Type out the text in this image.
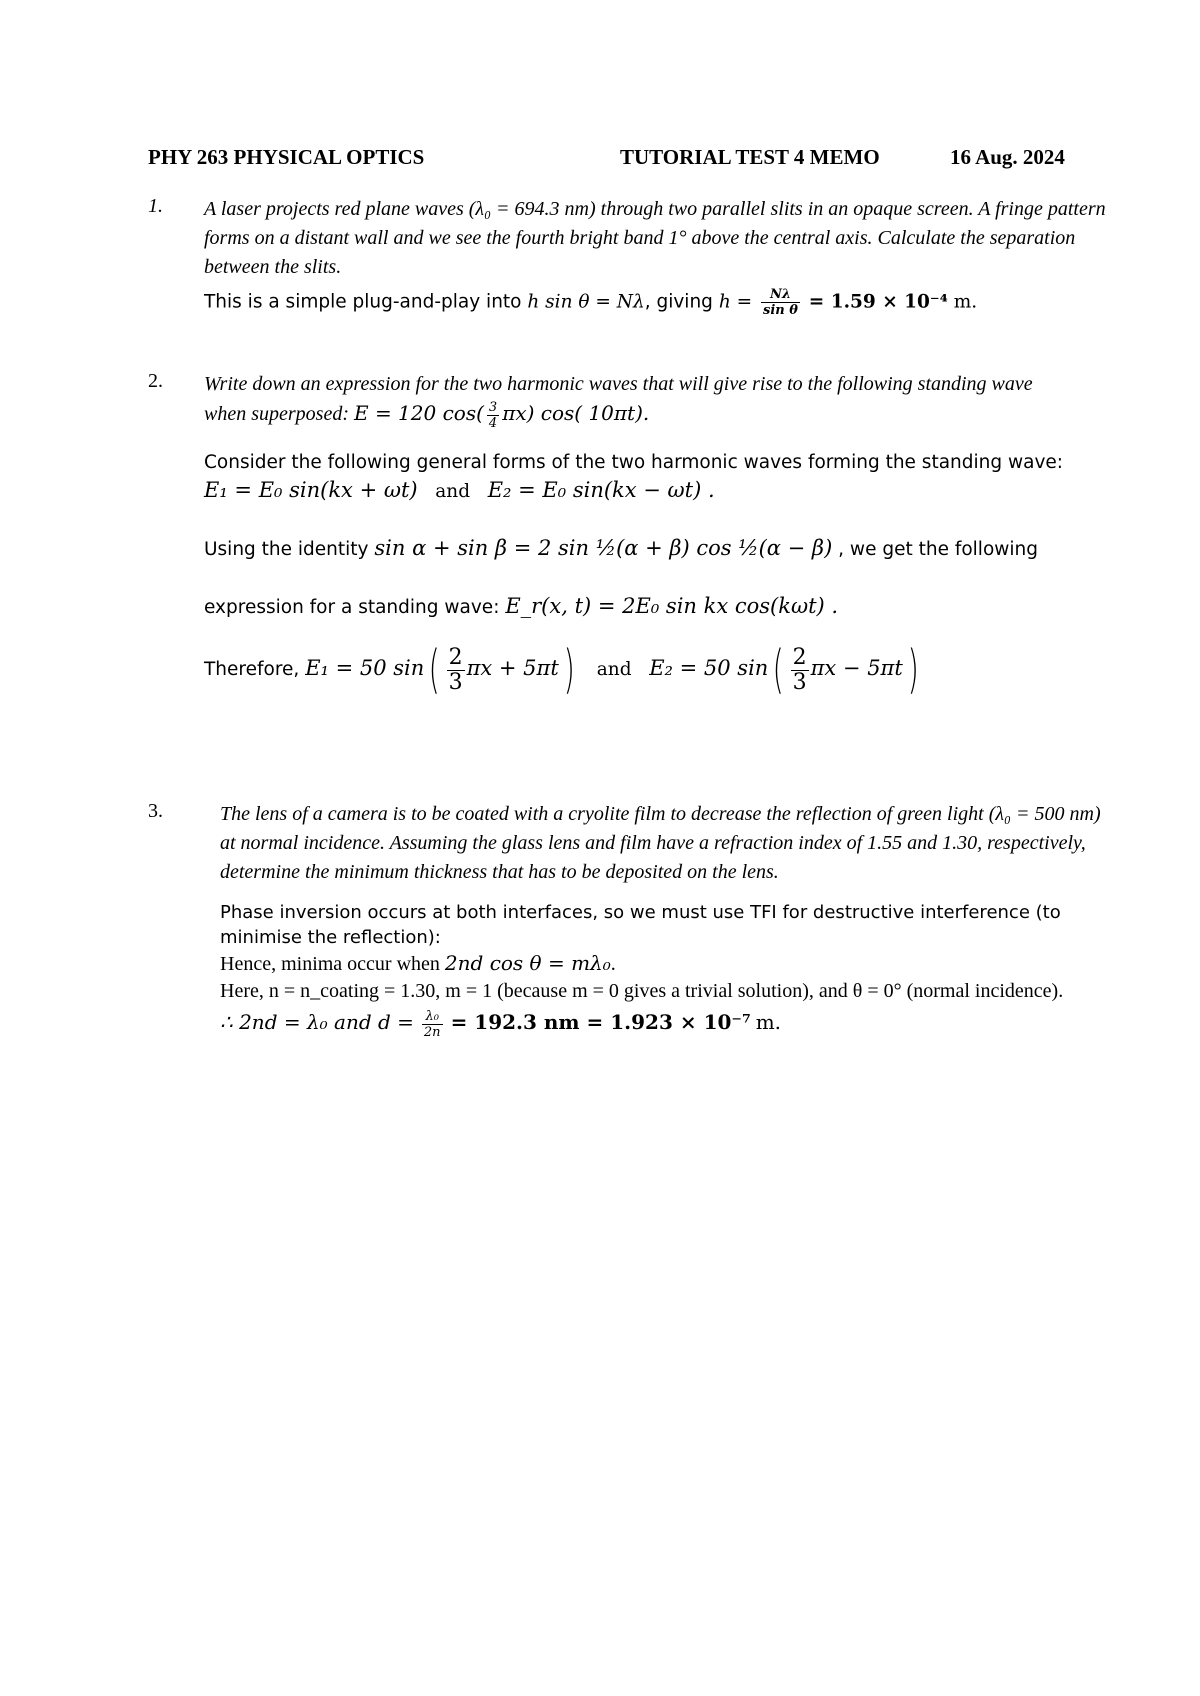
PHY 263 PHYSICAL OPTICS	TUTORIAL TEST 4 MEMO	16 Aug. 2024
1. A laser projects red plane waves (λ₀ = 694.3 nm) through two parallel slits in an opaque screen. A fringe pattern forms on a distant wall and we see the fourth bright band 1° above the central axis. Calculate the separation between the slits.
This is a simple plug-and-play into h sin θ = Nλ, giving $h = \frac{N\lambda}{\text{sin θ}} = 1.59 \times 10^{-4}$ m.
2. Write down an expression for the two harmonic waves that will give rise to the following standing wave
when superposed: E = 120 $\cos( \frac{3}{4} \pi x)$ cos( 10πt).
Consider the following general forms of the two harmonic waves forming the standing wave:
E₁ = E₀ sin(kx + ωt) and E₂ = E₀ sin(kx − ωt) .
Using the identity sin α + sin β = 2 sin ½(α + β) cos ½(α − β) , we get the following
expression for a standing wave: E_r(x, t) = 2E₀ sin kx cos(kωt) .
Therefore, E₁ = 50 $\sin( \frac{2}{3}$ πx + 5πt) and E₂ = 50 $\sin( \frac{2}{3}$ πx − 5πt)
3.	The lens of a camera is to be coated with a cryolite film to decrease the reflection of green light (λ₀ = 500 nm) at normal incidence. Assuming the glass lens and film have a refraction index of 1.55 and 1.30, respectively, determine the minimum thickness that has to be deposited on the lens.
Phase inversion occurs at both interfaces, so we must use TFI for destructive interference (to minimise the reflection):
Hence, minima occur when 2nd cos θ = mλ₀.
Here, n = n_coating = 1.30, m = 1 (because m = 0 gives a trivial solution), and θ = 0° (normal incidence).
∴ 2nd = λ₀ and $d = \frac{\text{λ₀}}{2n} = 192.3$ nm = 1.923 × 10⁻⁷ m.
